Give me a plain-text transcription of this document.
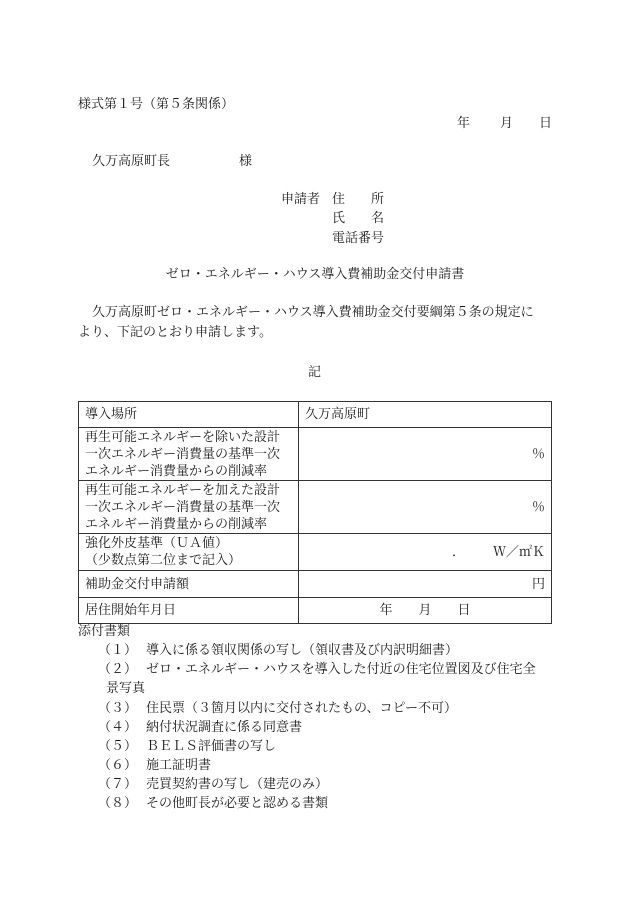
様式第１号（第５条関係）
年 月 日
久万高原町長	様
申請者 住　　所
氏　　名
電話番号
ゼロ・エネルギー・ハウス導入費補助金交付申請書
久万高原町ゼロ・エネルギー・ハウス導入費補助金交付要綱第５条の規定に
より、下記のとおり申請します。
記
導入場所	久万高原町

再生可能エネルギーを除いた設計
一次エネルギー消費量の基準一次
エネルギー消費量からの削減率	％

再生可能エネルギーを加えた設計
一次エネルギー消費量の基準一次
エネルギー消費量からの削減率	％

強化外皮基準（ＵＡ値）
（少数点第二位まで記入）	． Ｗ／㎡Ｋ
補助金交付申請額	円
居住開始年月日	年 月 日
添付書類
（１） 導入に係る領収関係の写し（領収書及び内訳明細書）
（２） ゼロ・エネルギー・ハウスを導入した付近の住宅位置図及び住宅全
景写真
（３） 住民票（３箇月以内に交付されたもの、コピー不可）
（４） 納付状況調査に係る同意書
（５） ＢＥＬＳ評価書の写し
（６） 施工証明書
（７） 売買契約書の写し（建売のみ）
（８） その他町長が必要と認める書類
